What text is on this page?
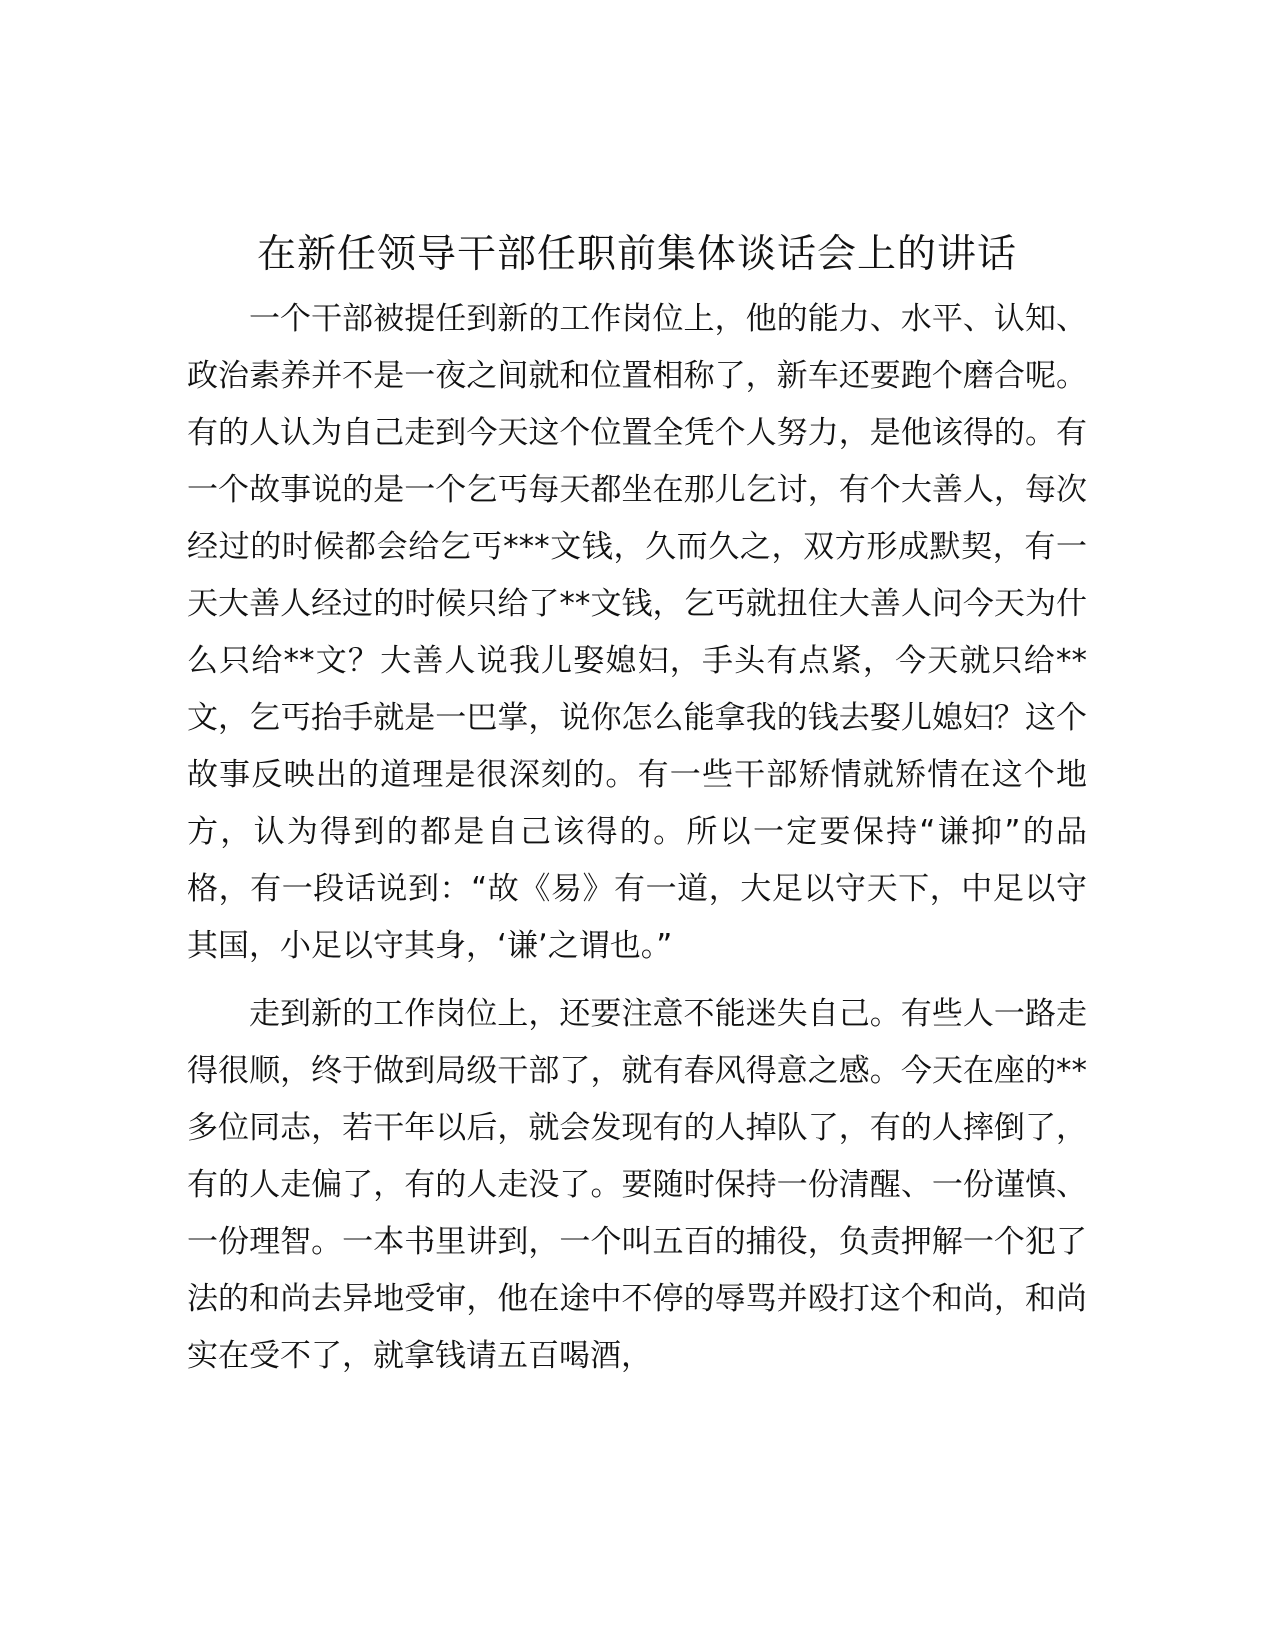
在新任领导干部任职前集体谈话会上的讲话

一个干部被提任到新的工作岗位上，他的能力、水平、认知、政治素养并不是一夜之间就和位置相称了，新车还要跑个磨合呢。有的人认为自己走到今天这个位置全凭个人努力，是他该得的。有一个故事说的是一个乞丐每天都坐在那儿乞讨，有个大善人，每次经过的时候都会给乞丐***文钱，久而久之，双方形成默契，有一天大善人经过的时候只给了**文钱，乞丐就扭住大善人问今天为什么只给**文？大善人说我儿娶媳妇，手头有点紧，今天就只给**文，乞丐抬手就是一巴掌，说你怎么能拿我的钱去娶儿媳妇？这个故事反映出的道理是很深刻的。有一些干部矫情就矫情在这个地方，认为得到的都是自己该得的。所以一定要保持“谦抑”的品格，有一段话说到：“故《易》有一道，大足以守天下，中足以守其国，小足以守其身，‘谦’之谓也。”

走到新的工作岗位上，还要注意不能迷失自己。有些人一路走得很顺，终于做到局级干部了，就有春风得意之感。今天在座的**多位同志，若干年以后，就会发现有的人掉队了，有的人摔倒了，有的人走偏了，有的人走没了。要随时保持一份清醒、一份谨慎、一份理智。一本书里讲到，一个叫五百的捕役，负责押解一个犯了法的和尚去异地受审，他在途中不停的辱骂并殴打这个和尚，和尚实在受不了，就拿钱请五百喝酒，
